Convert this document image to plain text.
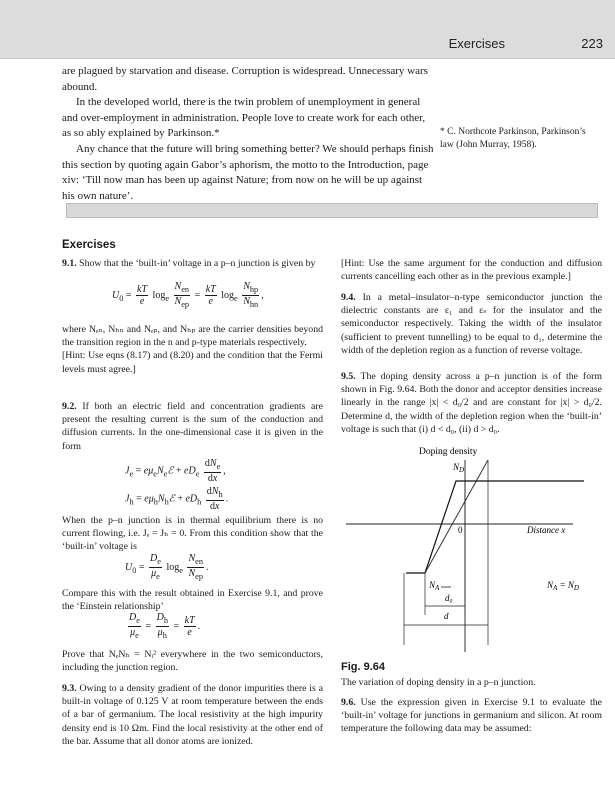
Exercises	223

are plagued by starvation and disease. Corruption is widespread. Unnecessary wars abound.

In the developed world, there is the twin problem of unemployment in general and over-employment in administration. People love to create work for each other, as so ably explained by Parkinson.*

Any chance that the future will bring something better? We should perhaps finish this section by quoting again Gabor’s aphorism, the motto to the Introduction, page xiv: ‘Till now man has been up against Nature; from now on he will be up against his own nature’.

* C. Northcote Parkinson, Parkinson’s law (John Murray, 1958).
Exercises

9.1. Show that the ‘built-in’ voltage in a p–n junction is given by

$U_0 = \frac{kT}{e} \log_e \frac{N_{en}}{N_{ep}} = \frac{kT}{e} \log_e \frac{N_{hp}}{N_{hn}}$ ,

where Nₑₙ, Nₕₙ and Nₑₚ, and Nₕₚ are the carrier densities beyond the transition region in the n and p-type materials respectively.

[Hint: Use eqns (8.17) and (8.20) and the condition that the Fermi levels must agree.]

9.2. If both an electric field and concentration gradients are present the resulting current is the sum of the conduction and diffusion currents. In the one-dimensional case it is given in the form

$J_e$ = $e\mu_eN_eℰ + eD_e \frac{dN_e}{dx}$ ,
$J_h$ = $e\mu_hN_hℰ + eD_h \frac{dN_h}{dx}$ .

When the p–n junction is in thermal equilibrium there is no current flowing, i.e. Jₑ = Jₕ = 0. From this condition show that the ‘built-in’ voltage is

$U_0 = \frac{D_e}{\mu_e} \log_e \frac{N_{en}}{N_{ep}}$ .

Compare this with the result obtained in Exercise 9.1, and prove the ‘Einstein relationship’

$\frac{D_e}{\mu_e} = \frac{D_h}{\mu_h} = \frac{kT}{e}$ .

Prove that NₑNₕ = Nᵢ² everywhere in the two semiconductors, including the junction region.

9.3. Owing to a density gradient of the donor impurities there is a built-in voltage of 0.125 V at room temperature between the ends of a bar of germanium. The local resistivity at the high impurity density end is 10 Ωm. Find the local resistivity at the other end of the bar. Assume that all donor atoms are ionized.

[Hint: Use the same argument for the conduction and diffusion currents cancelling each other as in the previous example.]

9.4. In a metal–insulator–n-type semiconductor junction the dielectric constants are ε₁ and εₛ for the insulator and the semiconductor respectively. Taking the width of the insulator (sufficient to prevent tunnelling) to be equal to d₁, determine the width of the depletion region as a function of reverse voltage.

9.5. The doping density across a p–n junction is of the form shown in Fig. 9.64. Both the donor and acceptor densities increase linearly in the range |x| < d₀/2 and are constant for |x| > d₀/2. Determine d, the width of the depletion region when the ‘built-in’ voltage is such that (i) d < d₀, (ii) d > d₀.

Doping density
$N_D$
0	Distance x
$N_A = N_D$
$N_A$
d₀
d
Fig. 9.64
The variation of doping density in a p–n junction.

9.6. Use the expression given in Exercise 9.1 to evaluate the ‘built-in’ voltage for junctions in germanium and silicon. At room temperature the following data may be assumed:
